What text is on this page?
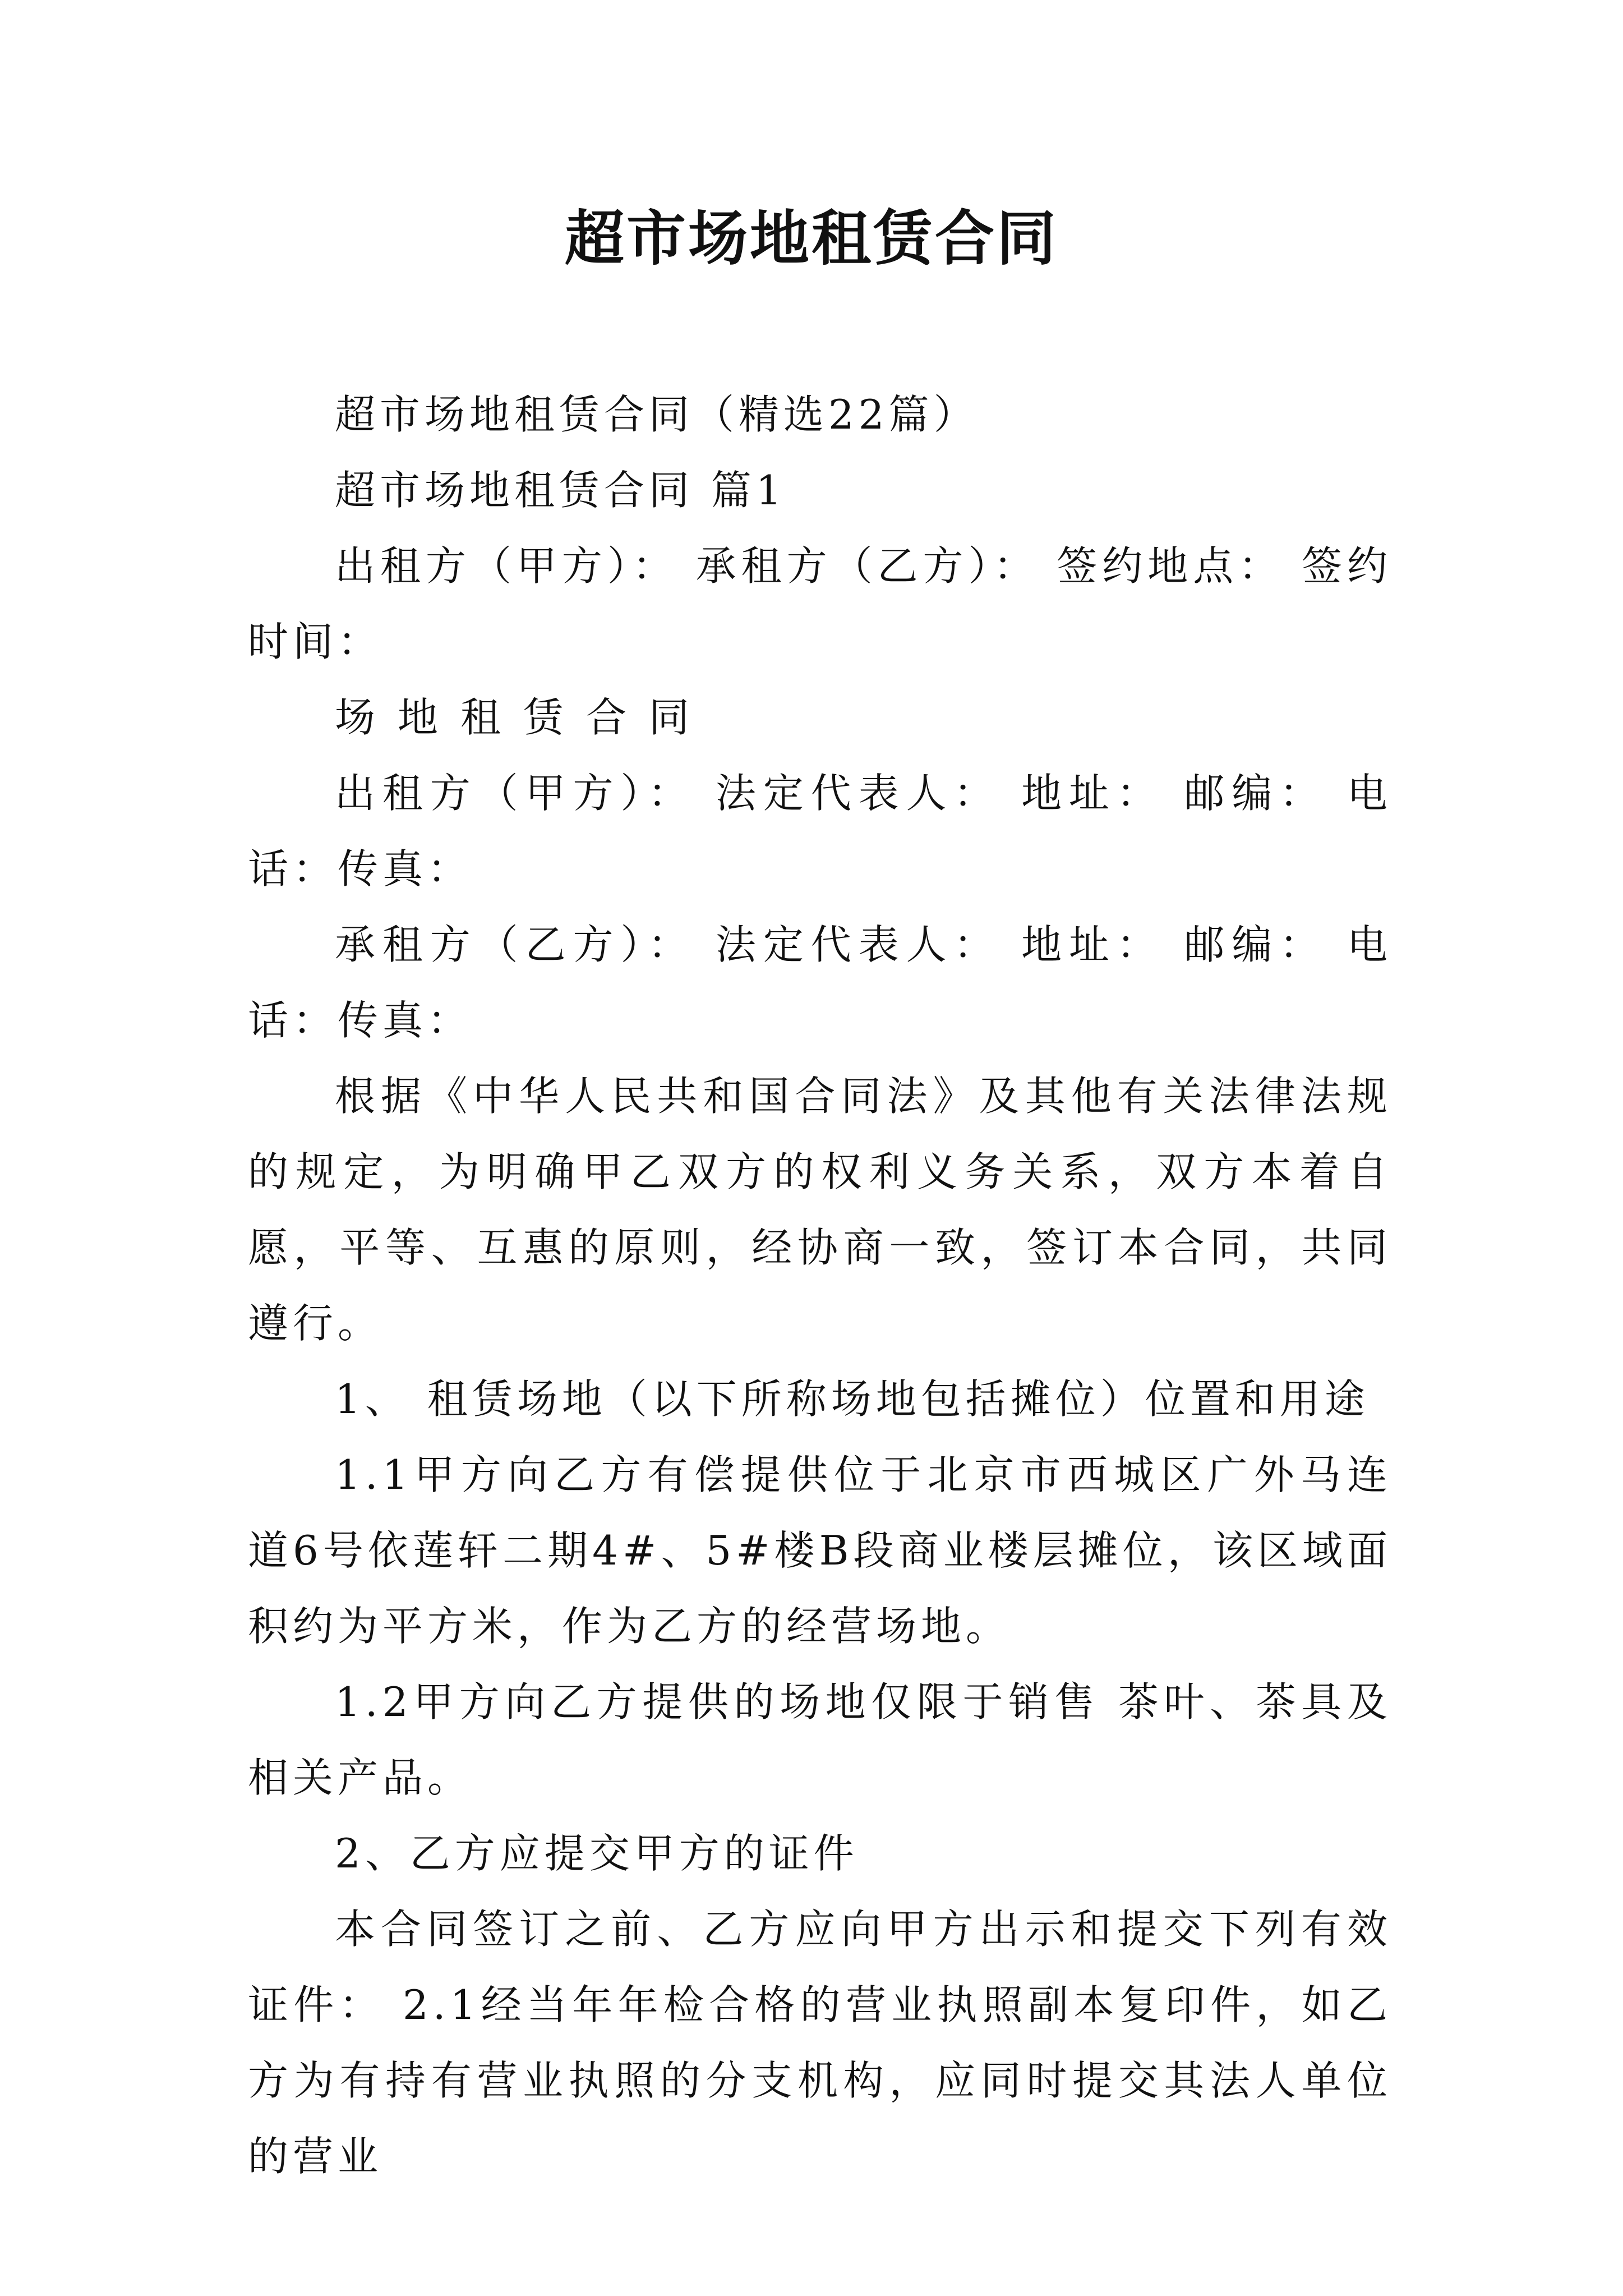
超市场地租赁合同

超市场地租赁合同（精选22篇）

超市场地租赁合同 篇1

出租方（甲方）： 承租方（乙方）： 签约地点： 签约时间：

场地租赁合同

出租方（甲方）： 法定代表人： 地址： 邮编： 电话：传真：

承租方（乙方）： 法定代表人： 地址： 邮编： 电话：传真：

根据《中华人民共和国合同法》及其他有关法律法规的规定，为明确甲乙双方的权利义务关系，双方本着自愿，平等、互惠的原则，经协商一致，签订本合同，共同遵行。

1、 租赁场地（以下所称场地包括摊位）位置和用途

1.1甲方向乙方有偿提供位于北京市西城区广外马连道6号依莲轩二期4#、5#楼B段商业楼层摊位，该区域面积约为平方米，作为乙方的经营场地。

1.2甲方向乙方提供的场地仅限于销售 茶叶、茶具及相关产品。

2、乙方应提交甲方的证件

本合同签订之前、乙方应向甲方出示和提交下列有效证件： 2.1经当年年检合格的营业执照副本复印件，如乙方为有持有营业执照的分支机构，应同时提交其法人单位的营业
